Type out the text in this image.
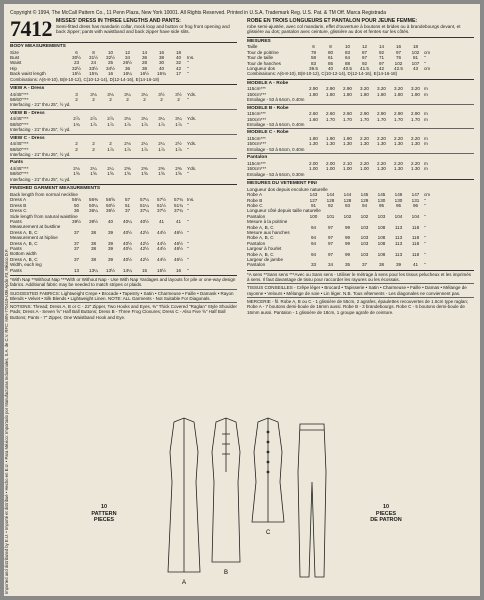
Copyright © 1994, The McCall Pattern Co., 11 Penn Plaza, New York 10001. All Rights Reserved. Printed in U.S.A. Trademark Reg. U.S. Pat. & TM Off. Marca Registrada
Imported and distributed by E.U. • Importé et distribué • Hecho en E.U. • Para México: Importado por Manufacturas Industriales, S.A. de C.V. RFC: MIN-770419-U36 Apdo #3, México D.F.
7412 MISSES' DRESS IN THREE LENGTHS AND PANTS:
Semi-fitted dress has mandarin collar, mock loop and button or frog front opening and back zipper; pants with waistband and back zipper have side slits.
BODY MEASUREMENTS
Size	6	8	10	12	14	16	18
Bust	30½	31½	32½	34	36	38	40	Ins.
Waist	23	24	25	26½	28	30	32	"
Hip	32½	33½	34½	36	38	40	42	"
Back waist length	15½	15¾	16	16¼	16½	16¾	17	"
Combinations: A(6-8-10), B(8-10-12), C(10-12-14), D(12-14-16), E(14-16-18)
VIEW A - Dress
44/45"***	3	3⅛	3⅛	3¼	3¼	3½	3½	Yds.
58/60"***	2	2	2	2	2	2	2	"
Interfacing - 21" thru 25", ½ yd.
VIEW B - Dress
44/45"***	2⅞	2⅞	2⅞	3⅛	3¼	3¼	3¼	Yds.
58/60"***	1¾	1⅞	1⅞	1⅞	1⅞	1⅞	1⅞	"
Interfacing - 21" thru 25", ½ yd.
VIEW C - Dress
44/45"***	2	2	2	2⅛	2¼	2¼	2½	Yds.
58/60"***	2	2	1⅞	1⅞	1⅞	1⅞	1⅞	"
Interfacing - 21" thru 25", ½ yd.
Pants
44/45"***	2⅛	2¼	2¼	2⅜	2⅜	2⅜	2⅜	Yds.
58/60"***	1⅝	1⅝	1⅝	1⅝	1⅝	1⅝	1⅝	"
Interfacing - 21" thru 25", ¼ yd.
FINISHED GARMENT MEASUREMENTS
Back length from normal neckline
Dress A	56⅛	56⅜	56⅝	57	57¼	57½	57¾ Ins.
Dress B	50	50¼	50½	51	51¼	51½	51¾ "
Dress C	36	36¼	36½	37	37¼	37½	37¾ "
Side length from natural waistline
Pants	39½	39½	40	40¼	40½	41	41	"
Measurement at bustline
Dress A, B, C	37	38	39	40½	42½	44½	46½ "
Measurement at hipline
Dress A, B, C	37	38	39	40½	42½	44½	46½ "
Pants	37	38	39	40½	42½	44½	46½ "
Bottom width
Dress A, B, C	37	38	39	40½	42½	44½	46½ "
Width, each leg
Pants	13	13¼	13½	14¼	15	15½	16	"
*With Nap **Without Nap ***With or Without Nap - Use With Nap Yardages and layouts for pile or one-way design fabrics. Additional fabric may be needed to match stripes or plaids.
SUGGESTED FABRICS: Lightweight Crepe • Brocade • Tapestry • Satin • Charmeuse • Faille • Damask • Rayon Blends • Velvet • Silk Blends • Lightweight Linen. NOTE: ALL Garments - Not Suitable For Diagonals.
NOTIONS: Thread; Dress A, B or C - 22" Zipper, Two Hooks and Eyes, ⅜" Thick Covered "Raglan" Style Shoulder Pads; Dress A - Seven ⅝" Half Ball Buttons; Dress B - Three Frog Closures; Dress C - Also Five ⅝" Half Ball Buttons; Pants - 7" Zipper, One Waistband Hook and Eye.
ROBE EN TROIS LONGUEURS ET PANTALON POUR JEUNE FEMME:
robe semi-ajustée, avec col mandarin, effet d'ouverture à boutons et brides ou à brandebourgs devant, et glissière au dos; pantalon avec ceinture, glissière au dos et fentes sur les côtés.
MESURES
Taille	6	8	10	12	14	16	18
Tour de poitrine	78	80	83	87	92	97	102	cm
Tour de taille	58	61	64	67	71	76	81	"
Tour de hanches	83	85	88	92	97	102	107	"
Longueur dos	39.5	40	40.5	41.5	42	42.5	43	cm
Combinaisons: A(6-8-10), B(8-10-12), C(10-12-14), D(12-14-16), E(14-16-18)
MODELE A - Robe
115cm***	2.90	2.90	2.90	3.20	3.20	3.20	3.20 m
150cm***	1.80	1.80	1.80	1.80	1.80	1.80	1.90 m
Entoilage - 53 à 64cm, 0.40m
MODELE B - Robe
115cm***	2.60	2.60	2.60	2.90	2.90	2.90	2.90 m
150cm***	1.60	1.70	1.70	1.70	1.70	1.70	1.70 m
Entoilage - 53 à 64cm, 0.40m
MODELE C - Robe
115cm***	1.80	1.90	1.90	2.20	2.20	2.20	2.20 m
150cm***	1.30	1.30	1.30	1.30	1.30	1.30	1.30 m
Entoilage - 53 à 64cm, 0.40m
Pantalon
115cm***	2.00	2.00	2.10	2.20	2.20	2.20	2.20 m
150cm***	1.00	1.00	1.00	1.00	1.30	1.30	1.30 m
Entoilage - 53 à 64cm, 0.30m
MESURES DU VETEMENT FINI
Longueur dos depuis encolure naturelle
Robe A	143	144	144	145	145	146	147	cm
Robe B	127	128	128	129	130	130	131	"
Robe C	91	92	93	94	95	95	96	"
Longueur côté depuis taille naturelle
Pantalon	100	101	102	102	103	104	104	"
Mesure à la poitrine
Robe A, B, C	94	97	99	103	108	113	118	"
Mesure aux hanches
Robe A, B, C	94	97	99	103	108	113	118	"
Pantalon	94	97	99	103	108	113	118	"
Largeur à l'ourlet
Robe A, B, C	94	97	99	103	108	113	118	"
Largeur de jambe
Pantalon	33	34	35	37	38	39	41	"
*A sens **Sans sens ***Avec ou Sans sens - Utiliser le métrage à sens pour les tissus pelucheux et les imprimés à sens. Il faut davantage de tissu pour raccorder les rayures ou les écossais.
TISSUS CONSEILLES - Crêpe léger • Brocard • Tapisserie • Satin • Charmeuse • Faille • Damas • Mélange de rayonne • Velours • Mélange de soie • Lin léger. N.B. Tous vêtements - Les diagonales ne conviennent pas.
MERCERIE - fil. Robe A, B ou C - 1 glissière de 55cm, 2 agrafes, épaulettes recouvertes de 1.5cm type raglan; Robe A - 7 boutons demi-boule de 16mm aussi. Robe B - 3 brandebourgs. Robe C - 5 boutons demi-boule de 16mm aussi. Pantalon - 1 glissière de 18cm, 1 groupe agrafe de ceinture.
10
PATTERN
PIECES
10
PIECES
DE PATRON
A
B
C
